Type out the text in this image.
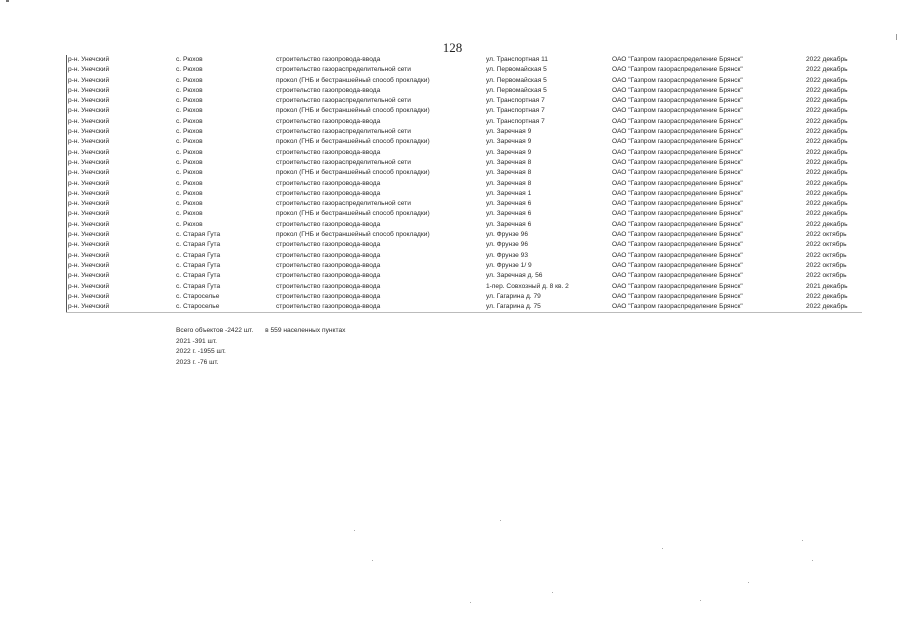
128
р-н. Унечский	с. Рюхов	строительство газопровода-ввода	ул. Транспортная 11	ОАО "Газпром газораспределение Брянск"	2022 декабрь
р-н. Унечский	с. Рюхов	строительство газораспределительной сети	ул. Первомайская 5	ОАО "Газпром газораспределение Брянск"	2022 декабрь
р-н. Унечский	с. Рюхов	прокол (ГНБ и бестраншейный способ прокладки)	ул. Первомайская 5	ОАО "Газпром газораспределение Брянск"	2022 декабрь
р-н. Унечский	с. Рюхов	строительство газопровода-ввода	ул. Первомайская 5	ОАО "Газпром газораспределение Брянск"	2022 декабрь
р-н. Унечский	с. Рюхов	строительство газораспределительной сети	ул. Транспортная 7	ОАО "Газпром газораспределение Брянск"	2022 декабрь
р-н. Унечский	с. Рюхов	прокол (ГНБ и бестраншейный способ прокладки)	ул. Транспортная 7	ОАО "Газпром газораспределение Брянск"	2022 декабрь
р-н. Унечский	с. Рюхов	строительство газопровода-ввода	ул. Транспортная 7	ОАО "Газпром газораспределение Брянск"	2022 декабрь
р-н. Унечский	с. Рюхов	строительство газораспределительной сети	ул. Заречная 9	ОАО "Газпром газораспределение Брянск"	2022 декабрь
р-н. Унечский	с. Рюхов	прокол (ГНБ и бестраншейный способ прокладки)	ул. Заречная 9	ОАО "Газпром газораспределение Брянск"	2022 декабрь
р-н. Унечский	с. Рюхов	строительство газопровода-ввода	ул. Заречная 9	ОАО "Газпром газораспределение Брянск"	2022 декабрь
р-н. Унечский	с. Рюхов	строительство газораспределительной сети	ул. Заречная 8	ОАО "Газпром газораспределение Брянск"	2022 декабрь
р-н. Унечский	с. Рюхов	прокол (ГНБ и бестраншейный способ прокладки)	ул. Заречная 8	ОАО "Газпром газораспределение Брянск"	2022 декабрь
р-н. Унечский	с. Рюхов	строительство газопровода-ввода	ул. Заречная 8	ОАО "Газпром газораспределение Брянск"	2022 декабрь
р-н. Унечский	с. Рюхов	строительство газопровода-ввода	ул. Заречная 1	ОАО "Газпром газораспределение Брянск"	2022 декабрь
р-н. Унечский	с. Рюхов	строительство газораспределительной сети	ул. Заречная 6	ОАО "Газпром газораспределение Брянск"	2022 декабрь
р-н. Унечский	с. Рюхов	прокол (ГНБ и бестраншейный способ прокладки)	ул. Заречная 6	ОАО "Газпром газораспределение Брянск"	2022 декабрь
р-н. Унечский	с. Рюхов	строительство газопровода-ввода	ул. Заречная 6	ОАО "Газпром газораспределение Брянск"	2022 декабрь
р-н. Унечский	с. Старая Гута	прокол (ГНБ и бестраншейный способ прокладки)	ул. Фрунзе 96	ОАО "Газпром газораспределение Брянск"	2022 октябрь
р-н. Унечский	с. Старая Гута	строительство газопровода-ввода	ул. Фрунзе 96	ОАО "Газпром газораспределение Брянск"	2022 октябрь
р-н. Унечский	с. Старая Гута	строительство газопровода-ввода	ул. Фрунзе 93	ОАО "Газпром газораспределение Брянск"	2022 октябрь
р-н. Унечский	с. Старая Гута	строительство газопровода-ввода	ул. Фрунзе 1/ 9	ОАО "Газпром газораспределение Брянск"	2022 октябрь
р-н. Унечский	с. Старая Гута	строительство газопровода-ввода	ул. Заречная д. 56	ОАО "Газпром газораспределение Брянск"	2022 октябрь
р-н. Унечский	с. Старая Гута	строительство газопровода-ввода	1-пер. Совхозный д. 8 кв. 2	ОАО "Газпром газораспределение Брянск"	2021 декабрь
р-н. Унечский	с. Старосельe	строительство газопровода-ввода	ул. Гагарина д. 79	ОАО "Газпром газораспределение Брянск"	2022 декабрь
р-н. Унечский	с. Старосельe	строительство газопровода-ввода	ул. Гагарина д. 75	ОАО "Газпром газораспределение Брянск"	2022 декабрь
Всего объектов -2422 шт. в 559 населенных пунктах
2021 -391 шт.
2022 г. -1955 шт.
2023 г. -76 шт.
